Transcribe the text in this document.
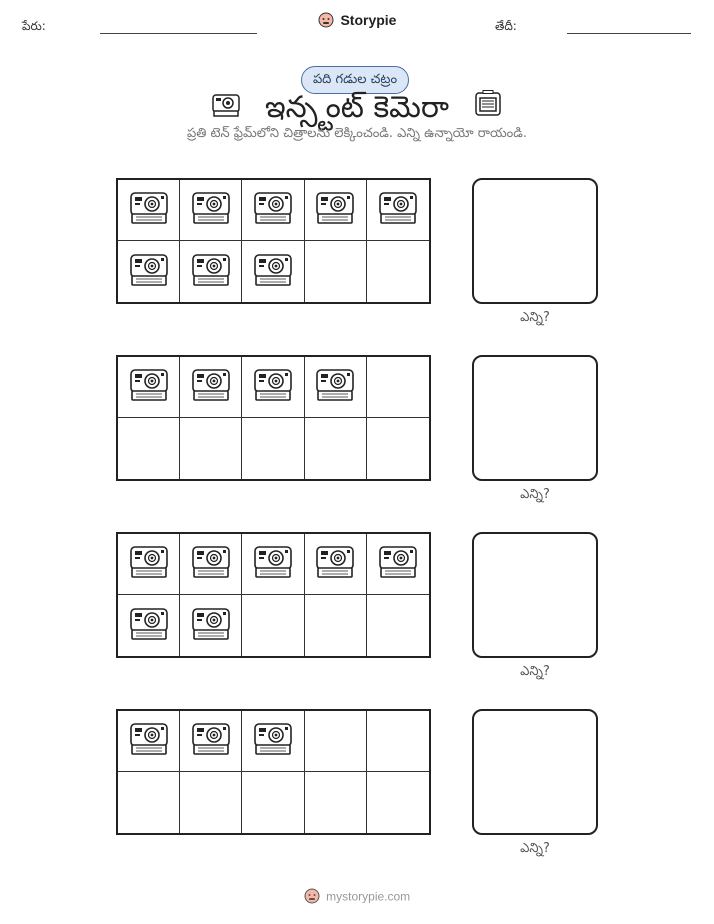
పేరు:	Storypie	తేదీ:
పది గడుల చట్రం
ఇన్స్టంట్ కెమెరా
ప్రతి టెన్ ఫ్రేమ్‌లోని చిత్రాలను లెక్కించండి. ఎన్ని ఉన్నాయో రాయండి.
ఎన్ని?
ఎన్ని?
ఎన్ని?
ఎన్ని?
mystorypie.com
